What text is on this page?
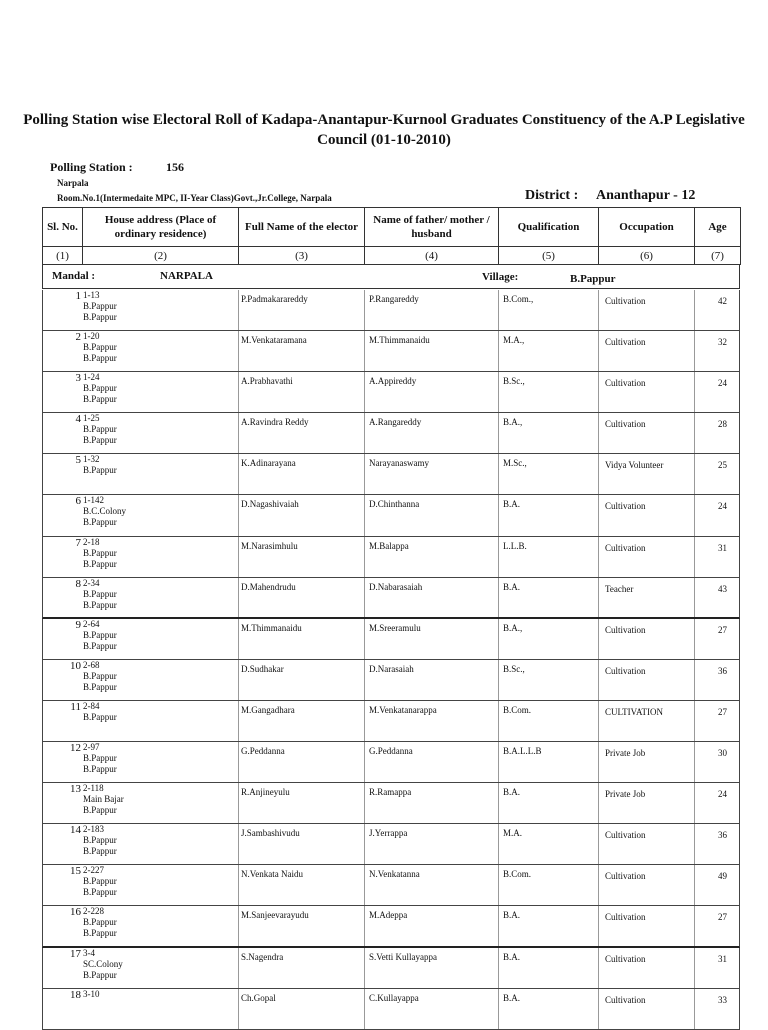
Polling Station wise Electoral Roll of Kadapa-Anantapur-Kurnool Graduates Constituency of the A.P Legislative Council (01-10-2010)
Polling Station :	156
Narpala
Room.No.1(Intermedaite MPC, II-Year Class)Govt.,Jr.College, Narpala	District : Ananthapur - 12
Sl. No.	House address (Place of ordinary residence)	Full Name of the elector	Name of father/ mother / husband	Qualification	Occupation	Age
(1)	(2)	(3)	(4)	(5)	(6)	(7)
Mandal :	NARPALA	Village:	B.Pappur
1 1-13
B.Pappur
B.Pappur
P.Padmakarareddy	P.Rangareddy	B.Com.,	Cultivation	42
2 1-20
B.Pappur
B.Pappur
M.Venkataramana	M.Thimmanaidu	M.A.,	Cultivation	32
3 1-24
B.Pappur
B.Pappur
A.Prabhavathi	A.Appireddy	B.Sc.,	Cultivation	24
4 1-25
B.Pappur
B.Pappur
A.Ravindra Reddy	A.Rangareddy	B.A.,	Cultivation	28
5 1-32
B.Pappur
K.Adinarayana	Narayanaswamy	M.Sc.,	Vidya Volunteer	25
6 1-142
B.C.Colony
B.Pappur
D.Nagashivaiah	D.Chinthanna	B.A.	Cultivation	24
7 2-18
B.Pappur
B.Pappur
M.Narasimhulu	M.Balappa	L.L.B.	Cultivation	31
8 2-34
B.Pappur
B.Pappur
D.Mahendrudu	D.Nabarasaiah	B.A.	Teacher	43
9 2-64
B.Pappur
B.Pappur
M.Thimmanaidu	M.Sreeramulu	B.A.,	Cultivation	27
10 2-68
B.Pappur
B.Pappur
D.Sudhakar	D.Narasaiah	B.Sc.,	Cultivation	36
11 2-84
B.Pappur
M.Gangadhara	M.Venkatanarappa	B.Com.	CULTIVATION	27
12 2-97
B.Pappur
B.Pappur
G.Peddanna	G.Peddanna	B.A.L.L.B	Private Job	30
13 2-118
Main Bajar
B.Pappur
R.Anjineyulu	R.Ramappa	B.A.	Private Job	24
14 2-183
B.Pappur
B.Pappur
J.Sambashivudu	J.Yerrappa	M.A.	Cultivation	36
15 2-227
B.Pappur
B.Pappur
N.Venkata Naidu	N.Venkatanna	B.Com.	Cultivation	49
16 2-228
B.Pappur
B.Pappur
M.Sanjeevarayudu	M.Adeppa	B.A.	Cultivation	27
17 3-4
SC.Colony
B.Pappur
S.Nagendra	S.Vetti Kullayappa	B.A.	Cultivation	31
18 3-10	Ch.Gopal	C.Kullayappa	B.A.	Cultivation	33
